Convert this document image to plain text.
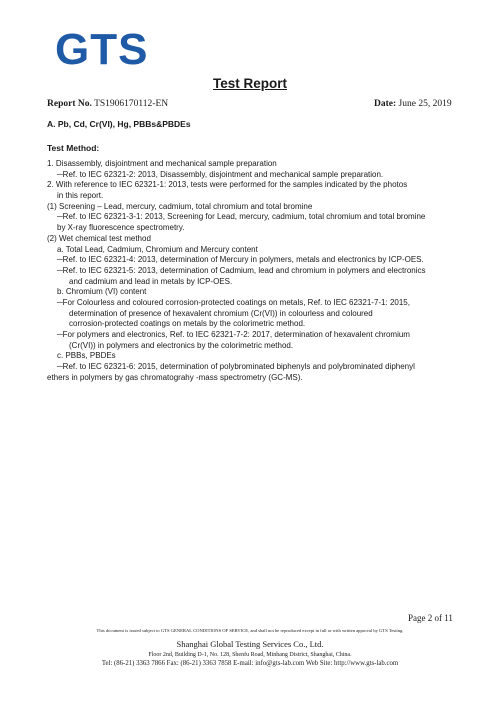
GTS
Test Report
Report No. TS1906170112-EN	Date: June 25, 2019
A. Pb, Cd, Cr(VI), Hg, PBBs&PBDEs
Test Method:
1. Disassembly, disjointment and mechanical sample preparation
─Ref. to IEC 62321-2: 2013, Disassembly, disjointment and mechanical sample preparation.
2. With reference to IEC 62321-1: 2013, tests were performed for the samples indicated by the photos
in this report.
(1) Screening – Lead, mercury, cadmium, total chromium and total bromine
─Ref. to IEC 62321-3-1: 2013, Screening for Lead, mercury, cadmium, total chromium and total bromine
by X-ray fluorescence spectrometry.
(2) Wet chemical test method
a. Total Lead, Cadmium, Chromium and Mercury content
─Ref. to IEC 62321-4: 2013, determination of Mercury in polymers, metals and electronics by ICP-OES.
─Ref. to IEC 62321-5: 2013, determination of Cadmium, lead and chromium in polymers and electronics
and cadmium and lead in metals by ICP-OES.
b. Chromium (VI) content
─For Colourless and coloured corrosion-protected coatings on metals, Ref. to IEC 62321-7-1: 2015,
determination of presence of hexavalent chromium (Cr(VI)) in colourless and coloured
corrosion-protected coatings on metals by the colorimetric method.
─For polymers and electronics, Ref. to IEC 62321-7-2: 2017, determination of hexavalent chromium
(Cr(VI)) in polymers and electronics by the colorimetric method.
c. PBBs, PBDEs
─Ref. to IEC 62321-6: 2015, determination of polybrominated biphenyls and polybrominated diphenyl
ethers in polymers by gas chromatograhy -mass spectrometry (GC-MS).
Page 2 of 11
This document is issued subject to GTS GENERAL CONDITIONS OF SERVICE, and shall not be reproduced except in full or with written approval by GTS Testing.
Shanghai Global Testing Services Co., Ltd.
Floor 2nd, Building D-1, No. 128, Shenfu Road, Minhang District, Shanghai, China.
Tel: (86-21) 3363 7866 Fax: (86-21) 3363 7858 E-mail: info@gts-lab.com Web Site: http://www.gts-lab.com
